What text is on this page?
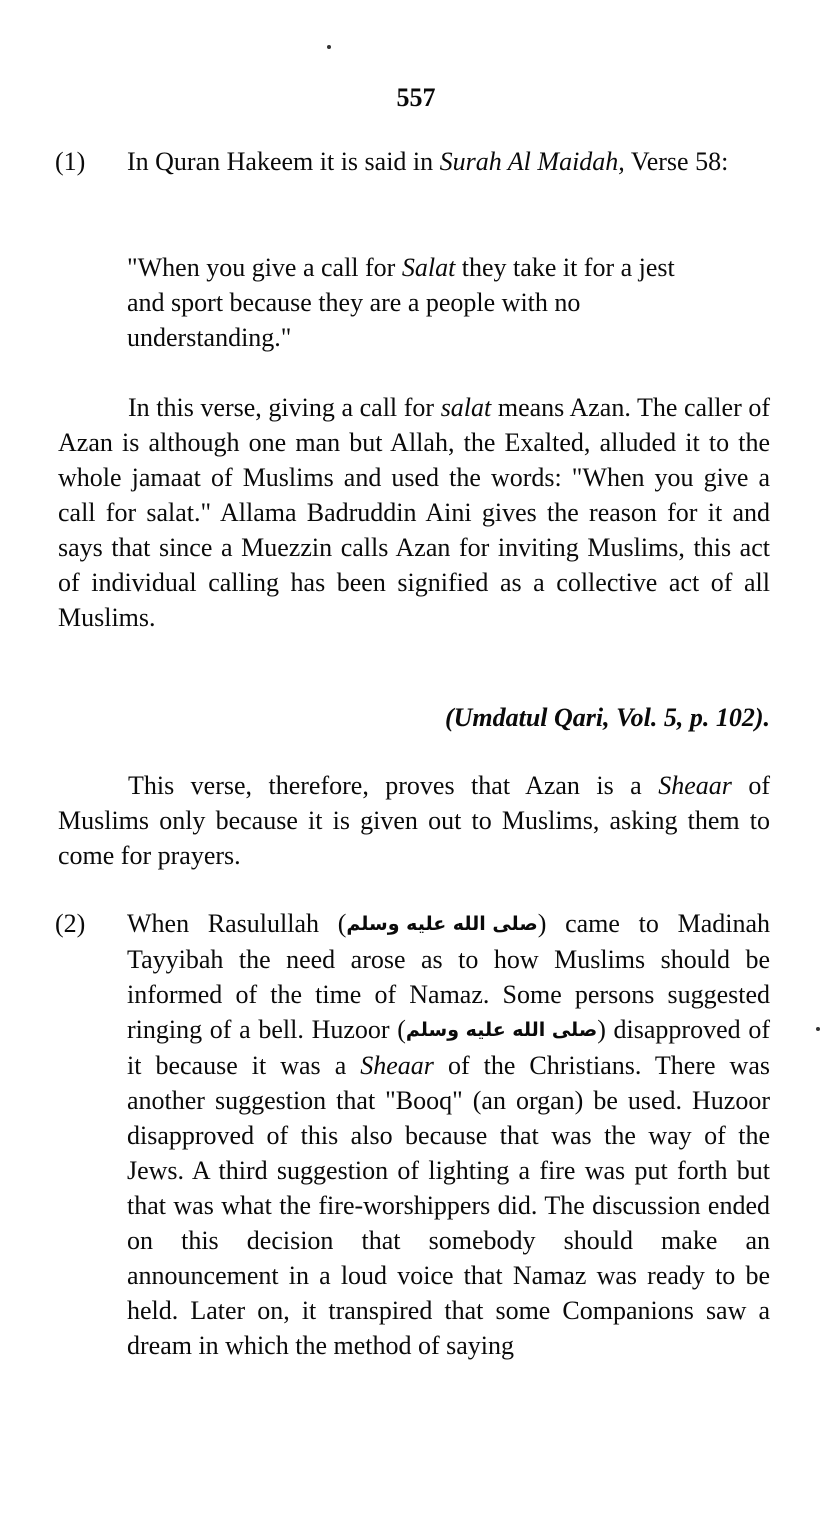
557
(1)	In Quran Hakeem it is said in Surah Al Maidah, Verse 58:

"When you give a call for Salat they take it for a jest and sport because they are a people with no understanding."

In this verse, giving a call for salat means Azan. The caller of Azan is although one man but Allah, the Exalted, alluded it to the whole jamaat of Muslims and used the words: "When you give a call for salat." Allama Badruddin Aini gives the reason for it and says that since a Muezzin calls Azan for inviting Muslims, this act of individual calling has been signified as a collective act of all Muslims.

(Umdatul Qari, Vol. 5, p. 102).

This verse, therefore, proves that Azan is a Sheaar of Muslims only because it is given out to Muslims, asking them to come for prayers.

(2)	When Rasulullah (صلى الله عليه وسلم) came to Madinah Tayyibah the need arose as to how Muslims should be informed of the time of Namaz. Some persons suggested ringing of a bell. Huzoor (صلى الله عليه وسلم) disapproved of it because it was a Sheaar of the Christians. There was another suggestion that "Booq" (an organ) be used. Huzoor disapproved of this also because that was the way of the Jews. A third suggestion of lighting a fire was put forth but that was what the fire-worshippers did. The discussion ended on this decision that somebody should make an announcement in a loud voice that Namaz was ready to be held. Later on, it transpired that some Companions saw a dream in which the method of saying
